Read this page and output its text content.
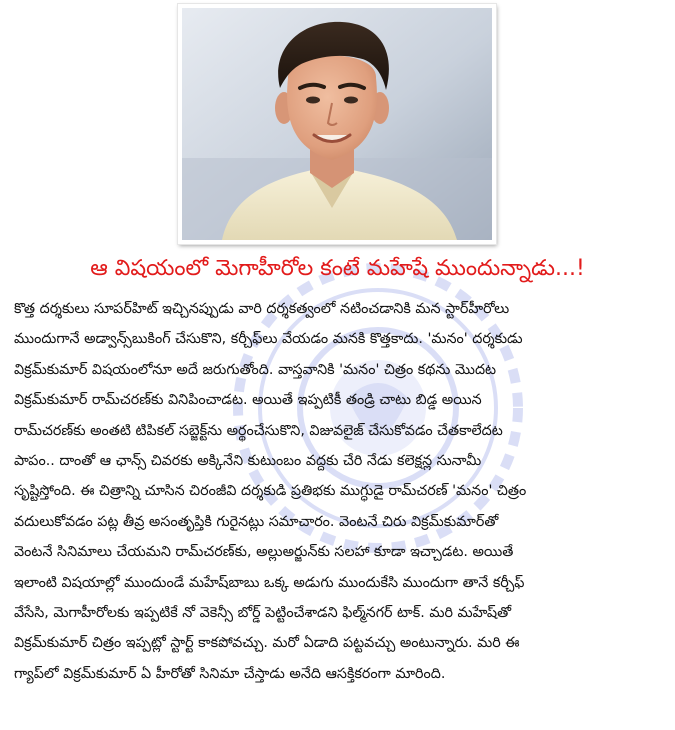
ఆ విషయంలో మెగాహీరోల కంటే మహేషే ముందున్నాడు...!
కొత్త దర్శకులు సూపర్‌హిట్ ఇచ్చినప్పుడు వారి దర్శకత్వంలో నటించడానికి మన స్టార్‌హీరోలు
ముందుగానే అడ్వాన్స్‌బుకింగ్ చేసుకొని, కర్చీఫ్‌లు వేయడం మనకి కొత్తకాదు. 'మనం' దర్శకుడు
విక్రమ్‌కుమార్ విషయంలోనూ అదే జరుగుతోంది. వాస్తవానికి 'మనం' చిత్రం కథను మొదట
విక్రమ్‌కుమార్ రామ్‌చరణ్‌కు వినిపించాడట. అయితే ఇప్పటికీ తండ్రి చాటు బిడ్డ అయిన
రామ్‌చరణ్‌కు అంతటి టిపికల్ సబ్జెక్ట్‌ను అర్థంచేసుకొని, విజువలైజ్ చేసుకోవడం చేతకాలేదట
పాపం.. దాంతో ఆ ఛాన్స్ చివరకు అక్కినేని కుటుంబం వద్దకు చేరి నేడు కలెక్షన్ల సునామీ
సృష్టిస్తోంది. ఈ చిత్రాన్ని చూసిన చిరంజీవి దర్శకుడి ప్రతిభకు ముగ్ధుడై రామ్‌చరణ్ 'మనం' చిత్రం
వదులుకోవడం పట్ల తీవ్ర అసంతృప్తికి గురైనట్లు సమాచారం. వెంటనే చిరు విక్రమ్‌కుమార్‌తో
వెంటనే సినిమాలు చేయమని రామ్‌చరణ్‌కు, అల్లుఅర్జున్‌కు సలహా కూడా ఇచ్చాడట. అయితే
ఇలాంటి విషయాల్లో ముందుండే మహేష్‌బాబు ఒక్క అడుగు ముందుకేసి ముందుగా తానే కర్చీఫ్
వేసేసి, మెగాహీరోలకు ఇప్పటికే నో వెకెన్సీ బోర్డ్ పెట్టించేశాడని ఫిల్మ్‌నగర్ టాక్. మరి మహేష్‌తో
విక్రమ్‌కుమార్ చిత్రం ఇప్పట్లో స్టార్ట్ కాకపోవచ్చు. మరో ఏడాది పట్టవచ్చు అంటున్నారు. మరి ఈ
గ్యాప్‌లో విక్రమ్‌కుమార్ ఏ హీరోతో సినిమా చేస్తాడు అనేది ఆసక్తికరంగా మారింది.
